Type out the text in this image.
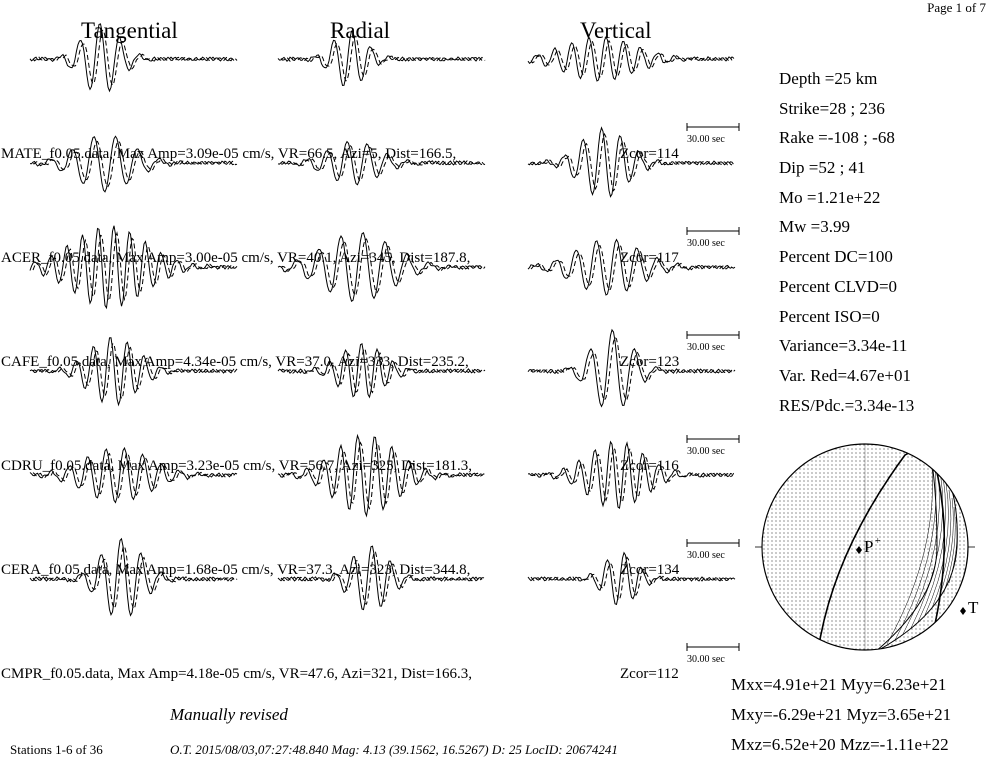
Page 1 of 7
Tangential	Radial	Vertical
30.00 sec
MATE_f0.05.data, Max Amp=3.09e-05 cm/s, VR=66.5, Azi=5, Dist=166.5,	Zcor=114
30.00 sec
ACER_f0.05.data, Max Amp=3.00e-05 cm/s, VR=40.1, Azi=345, Dist=187.8,	Zcor=117
30.00 sec
CAFE_f0.05.data, Max Amp=4.34e-05 cm/s, VR=37.0, Azi=333, Dist=235.2,	Zcor=123
30.00 sec
CDRU_f0.05.data, Max Amp=3.23e-05 cm/s, VR=56.7, Azi=325, Dist=181.3,	Zcor=116
30.00 sec
CERA_f0.05.data, Max Amp=1.68e-05 cm/s, VR=37.3, Azi=323, Dist=344.8,	Zcor=134
30.00 sec
CMPR_f0.05.data, Max Amp=4.18e-05 cm/s, VR=47.6, Azi=321, Dist=166.3,	Zcor=112
Depth =25 km
Strike=28 ; 236
Rake =-108 ; -68
Dip =52 ; 41
Mo =1.21e+22
Mw =3.99
Percent DC=100
Percent CLVD=0
Percent ISO=0
Variance=3.34e-11
Var. Red=4.67e+01
RES/Pdc.=3.34e-13
P +
T
Mxx=4.91e+21 Myy=6.23e+21
Mxy=-6.29e+21 Myz=3.65e+21
Mxz=6.52e+20 Mzz=-1.11e+22
Manually revised
Stations 1-6 of 36	O.T. 2015/08/03,07:27:48.840 Mag: 4.13 (39.1562, 16.5267) D: 25 LocID: 20674241
